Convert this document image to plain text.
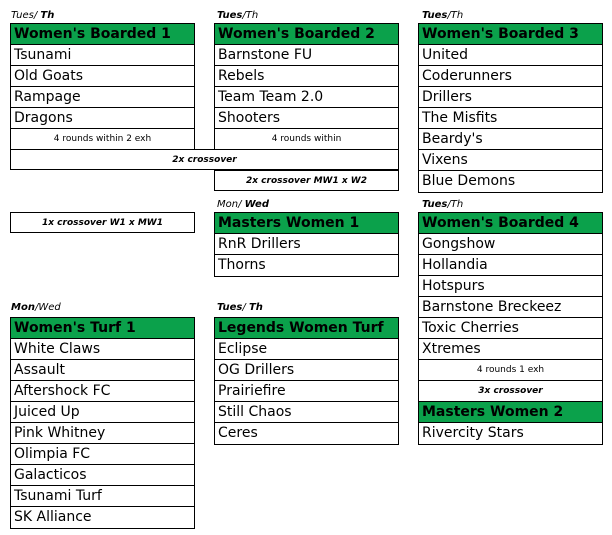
Tues/ Th
Women's Boarded 1
Tsunami
Old Goats
Rampage
Dragons
4 rounds within 2 exh
Tues/Th
Women's Boarded 2
Barnstone FU
Rebels
Team Team 2.0
Shooters
4 rounds within
2x crossover
2x crossover MW1 x W2
Tues/Th
Women's Boarded 3
United
Coderunners
Drillers
The Misfits
Beardy's
Vixens
Blue Demons
1x crossover W1 x MW1
Mon/ Wed
Masters Women 1
RnR Drillers
Thorns
Tues/Th
Women's Boarded 4
Gongshow
Hollandia
Hotspurs
Barnstone Breckeez
Toxic Cherries
Xtremes
4 rounds 1 exh
3x crossover
Masters Women 2
Rivercity Stars
Mon/Wed
Women's Turf 1
White Claws
Assault
Aftershock FC
Juiced Up
Pink Whitney
Olimpia FC
Galacticos
Tsunami Turf
SK Alliance
Tues/ Th
Legends Women Turf
Eclipse
OG Drillers
Prairiefire
Still Chaos
Ceres
